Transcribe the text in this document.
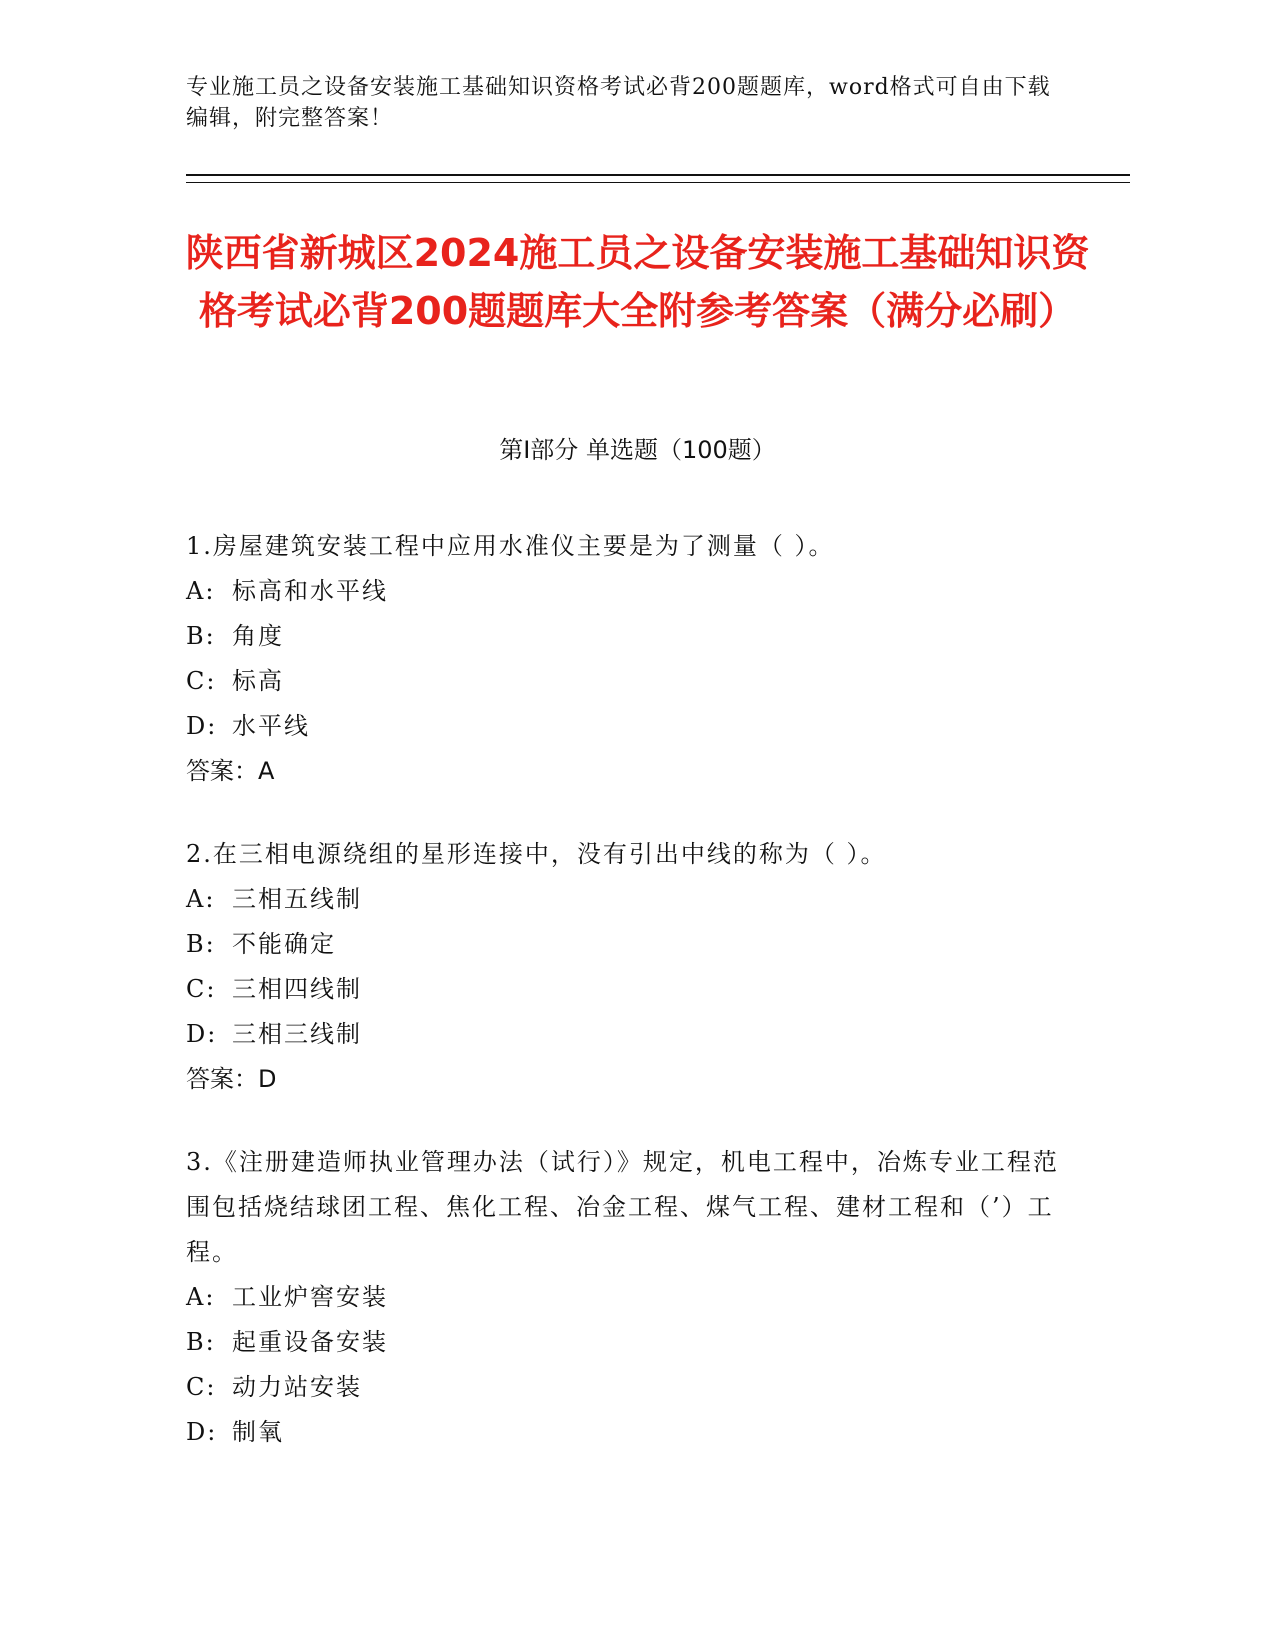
专业施工员之设备安装施工基础知识资格考试必背200题题库，word格式可自由下载编辑，附完整答案！
陕西省新城区2024施工员之设备安装施工基础知识资格考试必背200题题库大全附参考答案（满分必刷）
第Ⅰ部分 单选题（100题）
1.房屋建筑安装工程中应用水准仪主要是为了测量（ ）。
A: 标高和水平线
B: 角度
C: 标高
D: 水平线
答案：A
2.在三相电源绕组的星形连接中，没有引出中线的称为（ ）。
A: 三相五线制
B: 不能确定
C: 三相四线制
D: 三相三线制
答案：D
3.《注册建造师执业管理办法（试行）》规定，机电工程中，冶炼专业工程范围包括烧结球团工程、焦化工程、冶金工程、煤气工程、建材工程和（’）工程。
A: 工业炉窖安装
B: 起重设备安装
C: 动力站安装
D: 制氧
